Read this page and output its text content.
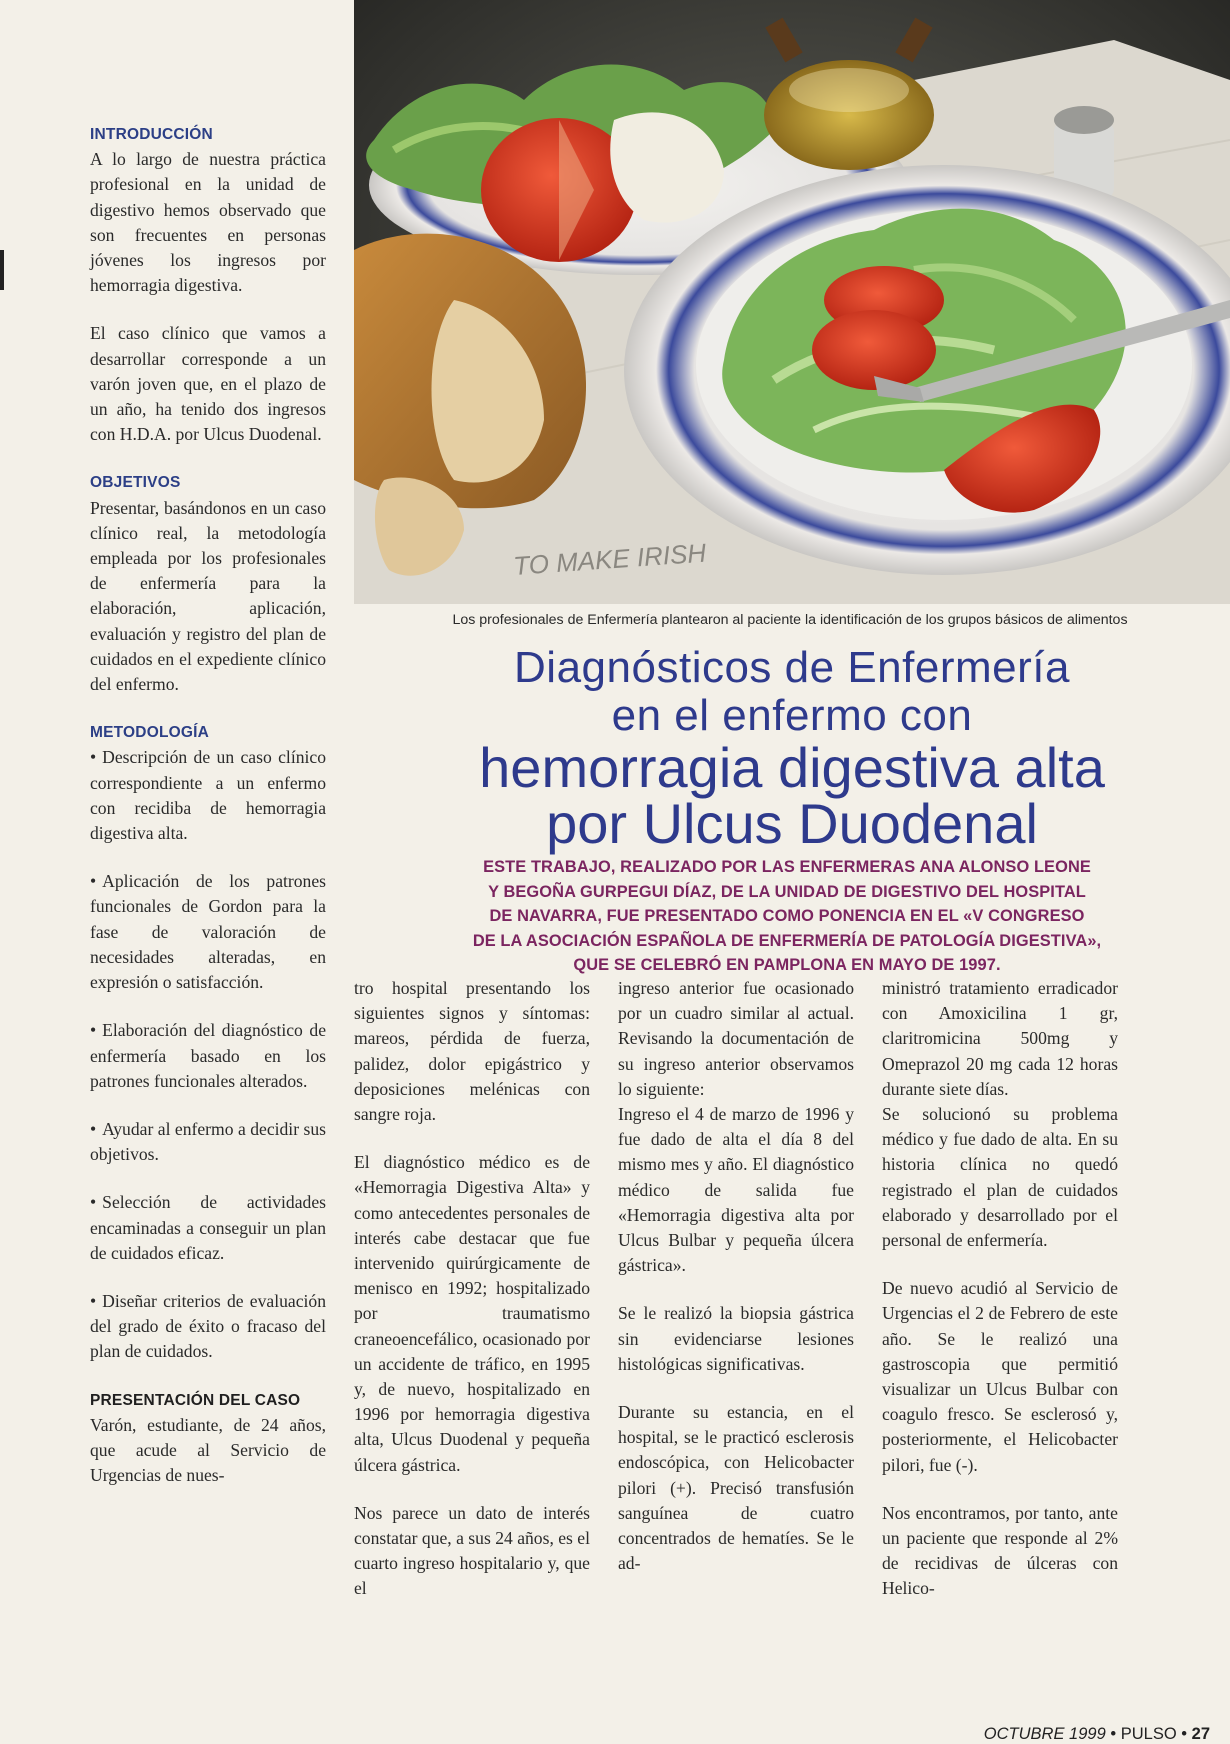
INTRODUCCIÓN

A lo largo de nuestra práctica profesional en la unidad de digestivo hemos observado que son frecuentes en personas jóvenes los ingresos por hemorragia digestiva.

El caso clínico que vamos a desarrollar corresponde a un varón joven que, en el plazo de un año, ha tenido dos ingresos con H.D.A. por Ulcus Duodenal.

OBJETIVOS

Presentar, basándonos en un caso clínico real, la metodología empleada por los profesionales de enfermería para la elaboración, aplicación, evaluación y registro del plan de cuidados en el expediente clínico del enfermo.

METODOLOGÍA

• Descripción de un caso clínico correspondiente a un enfermo con recidiba de hemorragia digestiva alta.

• Aplicación de los patrones funcionales de Gordon para la fase de valoración de necesidades alteradas, en expresión o satisfacción.

• Elaboración del diagnóstico de enfermería basado en los patrones funcionales alterados.

• Ayudar al enfermo a decidir sus objetivos.

• Selección de actividades encaminadas a conseguir un plan de cuidados eficaz.

• Diseñar criterios de evaluación del grado de éxito o fracaso del plan de cuidados.

PRESENTACIÓN DEL CASO

Varón, estudiante, de 24 años, que acude al Servicio de Urgencias de nues-

TO MAKE IRISH
Los profesionales de Enfermería plantearon al paciente la identificación de los grupos básicos de alimentos
Diagnósticos de Enfermería
en el enfermo con
hemorragia digestiva alta
por Ulcus Duodenal
ESTE TRABAJO, REALIZADO POR LAS ENFERMERAS ANA ALONSO LEONE
Y BEGOÑA GURPEGUI DÍAZ, DE LA UNIDAD DE DIGESTIVO DEL HOSPITAL
DE NAVARRA, FUE PRESENTADO COMO PONENCIA EN EL «V CONGRESO
DE LA ASOCIACIÓN ESPAÑOLA DE ENFERMERÍA DE PATOLOGÍA DIGESTIVA»,
QUE SE CELEBRÓ EN PAMPLONA EN MAYO DE 1997.

tro hospital presentando los siguientes signos y síntomas: mareos, pérdida de fuerza, palidez, dolor epigástrico y deposiciones melénicas con sangre roja.

El diagnóstico médico es de «Hemorragia Digestiva Alta» y como antecedentes personales de interés cabe destacar que fue intervenido quirúrgicamente de menisco en 1992; hospitalizado por traumatismo craneoencefálico, ocasionado por un accidente de tráfico, en 1995 y, de nuevo, hospitalizado en 1996 por hemorragia digestiva alta, Ulcus Duodenal y pequeña úlcera gástrica.

Nos parece un dato de interés constatar que, a sus 24 años, es el cuarto ingreso hospitalario y, que el

ingreso anterior fue ocasionado por un cuadro similar al actual. Revisando la documentación de su ingreso anterior observamos lo siguiente:

Ingreso el 4 de marzo de 1996 y fue dado de alta el día 8 del mismo mes y año. El diagnóstico médico de salida fue «Hemorragia digestiva alta por Ulcus Bulbar y pequeña úlcera gástrica».

Se le realizó la biopsia gástrica sin evidenciarse lesiones histológicas significativas.

Durante su estancia, en el hospital, se le practicó esclerosis endoscópica, con Helicobacter pilori (+). Precisó transfusión sanguínea de cuatro concentrados de hematíes. Se le ad-

ministró tratamiento erradicador con Amoxicilina 1 gr, claritromicina 500mg y Omeprazol 20 mg cada 12 horas durante siete días.

Se solucionó su problema médico y fue dado de alta. En su historia clínica no quedó registrado el plan de cuidados elaborado y desarrollado por el personal de enfermería.

De nuevo acudió al Servicio de Urgencias el 2 de Febrero de este año. Se le realizó una gastroscopia que permitió visualizar un Ulcus Bulbar con coagulo fresco. Se esclerosó y, posteriormente, el Helicobacter pilori, fue (-).

Nos encontramos, por tanto, ante un paciente que responde al 2% de recidivas de úlceras con Helico-

OCTUBRE 1999 • PULSO • 27
